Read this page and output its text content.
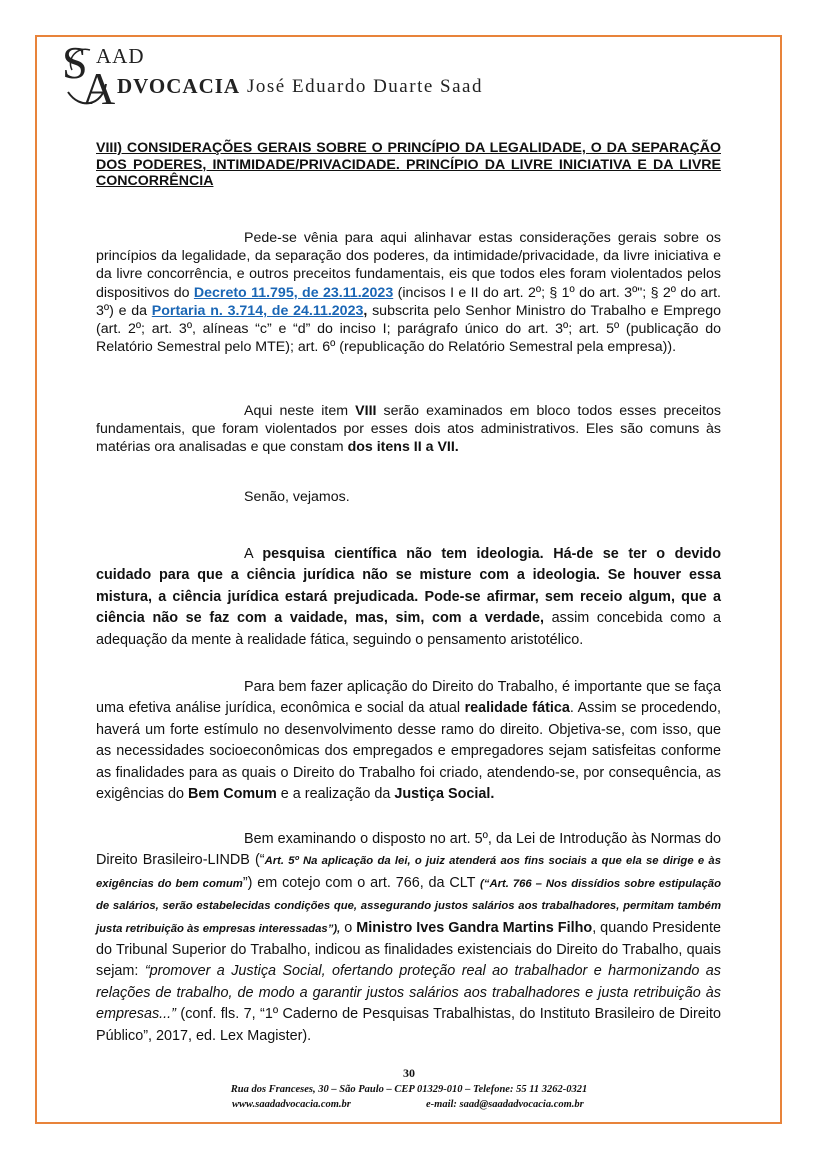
S AAD
A DVOCACIA José Eduardo Duarte Saad
VIII) CONSIDERAÇÕES GERAIS SOBRE O PRINCÍPIO DA LEGALIDADE, O DA SEPARAÇÃO DOS PODERES, INTIMIDADE/PRIVACIDADE. PRINCÍPIO DA LIVRE INICIATIVA E DA LIVRE CONCORRÊNCIA
Pede-se vênia para aqui alinhavar estas considerações gerais sobre os princípios da legalidade, da separação dos poderes, da intimidade/privacidade, da livre iniciativa e da livre concorrência, e outros preceitos fundamentais, eis que todos eles foram violentados pelos dispositivos do Decreto 11.795, de 23.11.2023 (incisos I e II do art. 2º; § 1º do art. 3º"; § 2º do art. 3º) e da Portaria n. 3.714, de 24.11.2023, subscrita pelo Senhor Ministro do Trabalho e Emprego (art. 2º; art. 3º, alíneas “c” e “d” do inciso I; parágrafo único do art. 3º; art. 5º (publicação do Relatório Semestral pelo MTE); art. 6º (republicação do Relatório Semestral pela empresa)).
Aqui neste item VIII serão examinados em bloco todos esses preceitos fundamentais, que foram violentados por esses dois atos administrativos. Eles são comuns às matérias ora analisadas e que constam dos itens II a VII.
Senão, vejamos.
A pesquisa científica não tem ideologia. Há-de se ter o devido cuidado para que a ciência jurídica não se misture com a ideologia. Se houver essa mistura, a ciência jurídica estará prejudicada. Pode-se afirmar, sem receio algum, que a ciência não se faz com a vaidade, mas, sim, com a verdade, assim concebida como a adequação da mente à realidade fática, seguindo o pensamento aristotélico.
Para bem fazer aplicação do Direito do Trabalho, é importante que se faça uma efetiva análise jurídica, econômica e social da atual realidade fática. Assim se procedendo, haverá um forte estímulo no desenvolvimento desse ramo do direito. Objetiva-se, com isso, que as necessidades socioeconômicas dos empregados e empregadores sejam satisfeitas conforme as finalidades para as quais o Direito do Trabalho foi criado, atendendo-se, por consequência, as exigências do Bem Comum e a realização da Justiça Social.
Bem examinando o disposto no art. 5º, da Lei de Introdução às Normas do Direito Brasileiro-LINDB (“Art. 5º Na aplicação da lei, o juiz atenderá aos fins sociais a que ela se dirige e às exigências do bem comum”) em cotejo com o art. 766, da CLT (“Art. 766 – Nos dissídios sobre estipulação de salários, serão estabelecidas condições que, assegurando justos salários aos trabalhadores, permitam também justa retribuição às empresas interessadas”), o Ministro Ives Gandra Martins Filho, quando Presidente do Tribunal Superior do Trabalho, indicou as finalidades existenciais do Direito do Trabalho, quais sejam: “promover a Justiça Social, ofertando proteção real ao trabalhador e harmonizando as relações de trabalho, de modo a garantir justos salários aos trabalhadores e justa retribuição às empresas...” (conf. fls. 7, “1º Caderno de Pesquisas Trabalhistas, do Instituto Brasileiro de Direito Público”, 2017, ed. Lex Magister).
30
Rua dos Franceses, 30 – São Paulo – CEP 01329-010 – Telefone: 55 11 3262-0321
www.saadadvocacia.com.br	e-mail: saad@saadadvocacia.com.br
